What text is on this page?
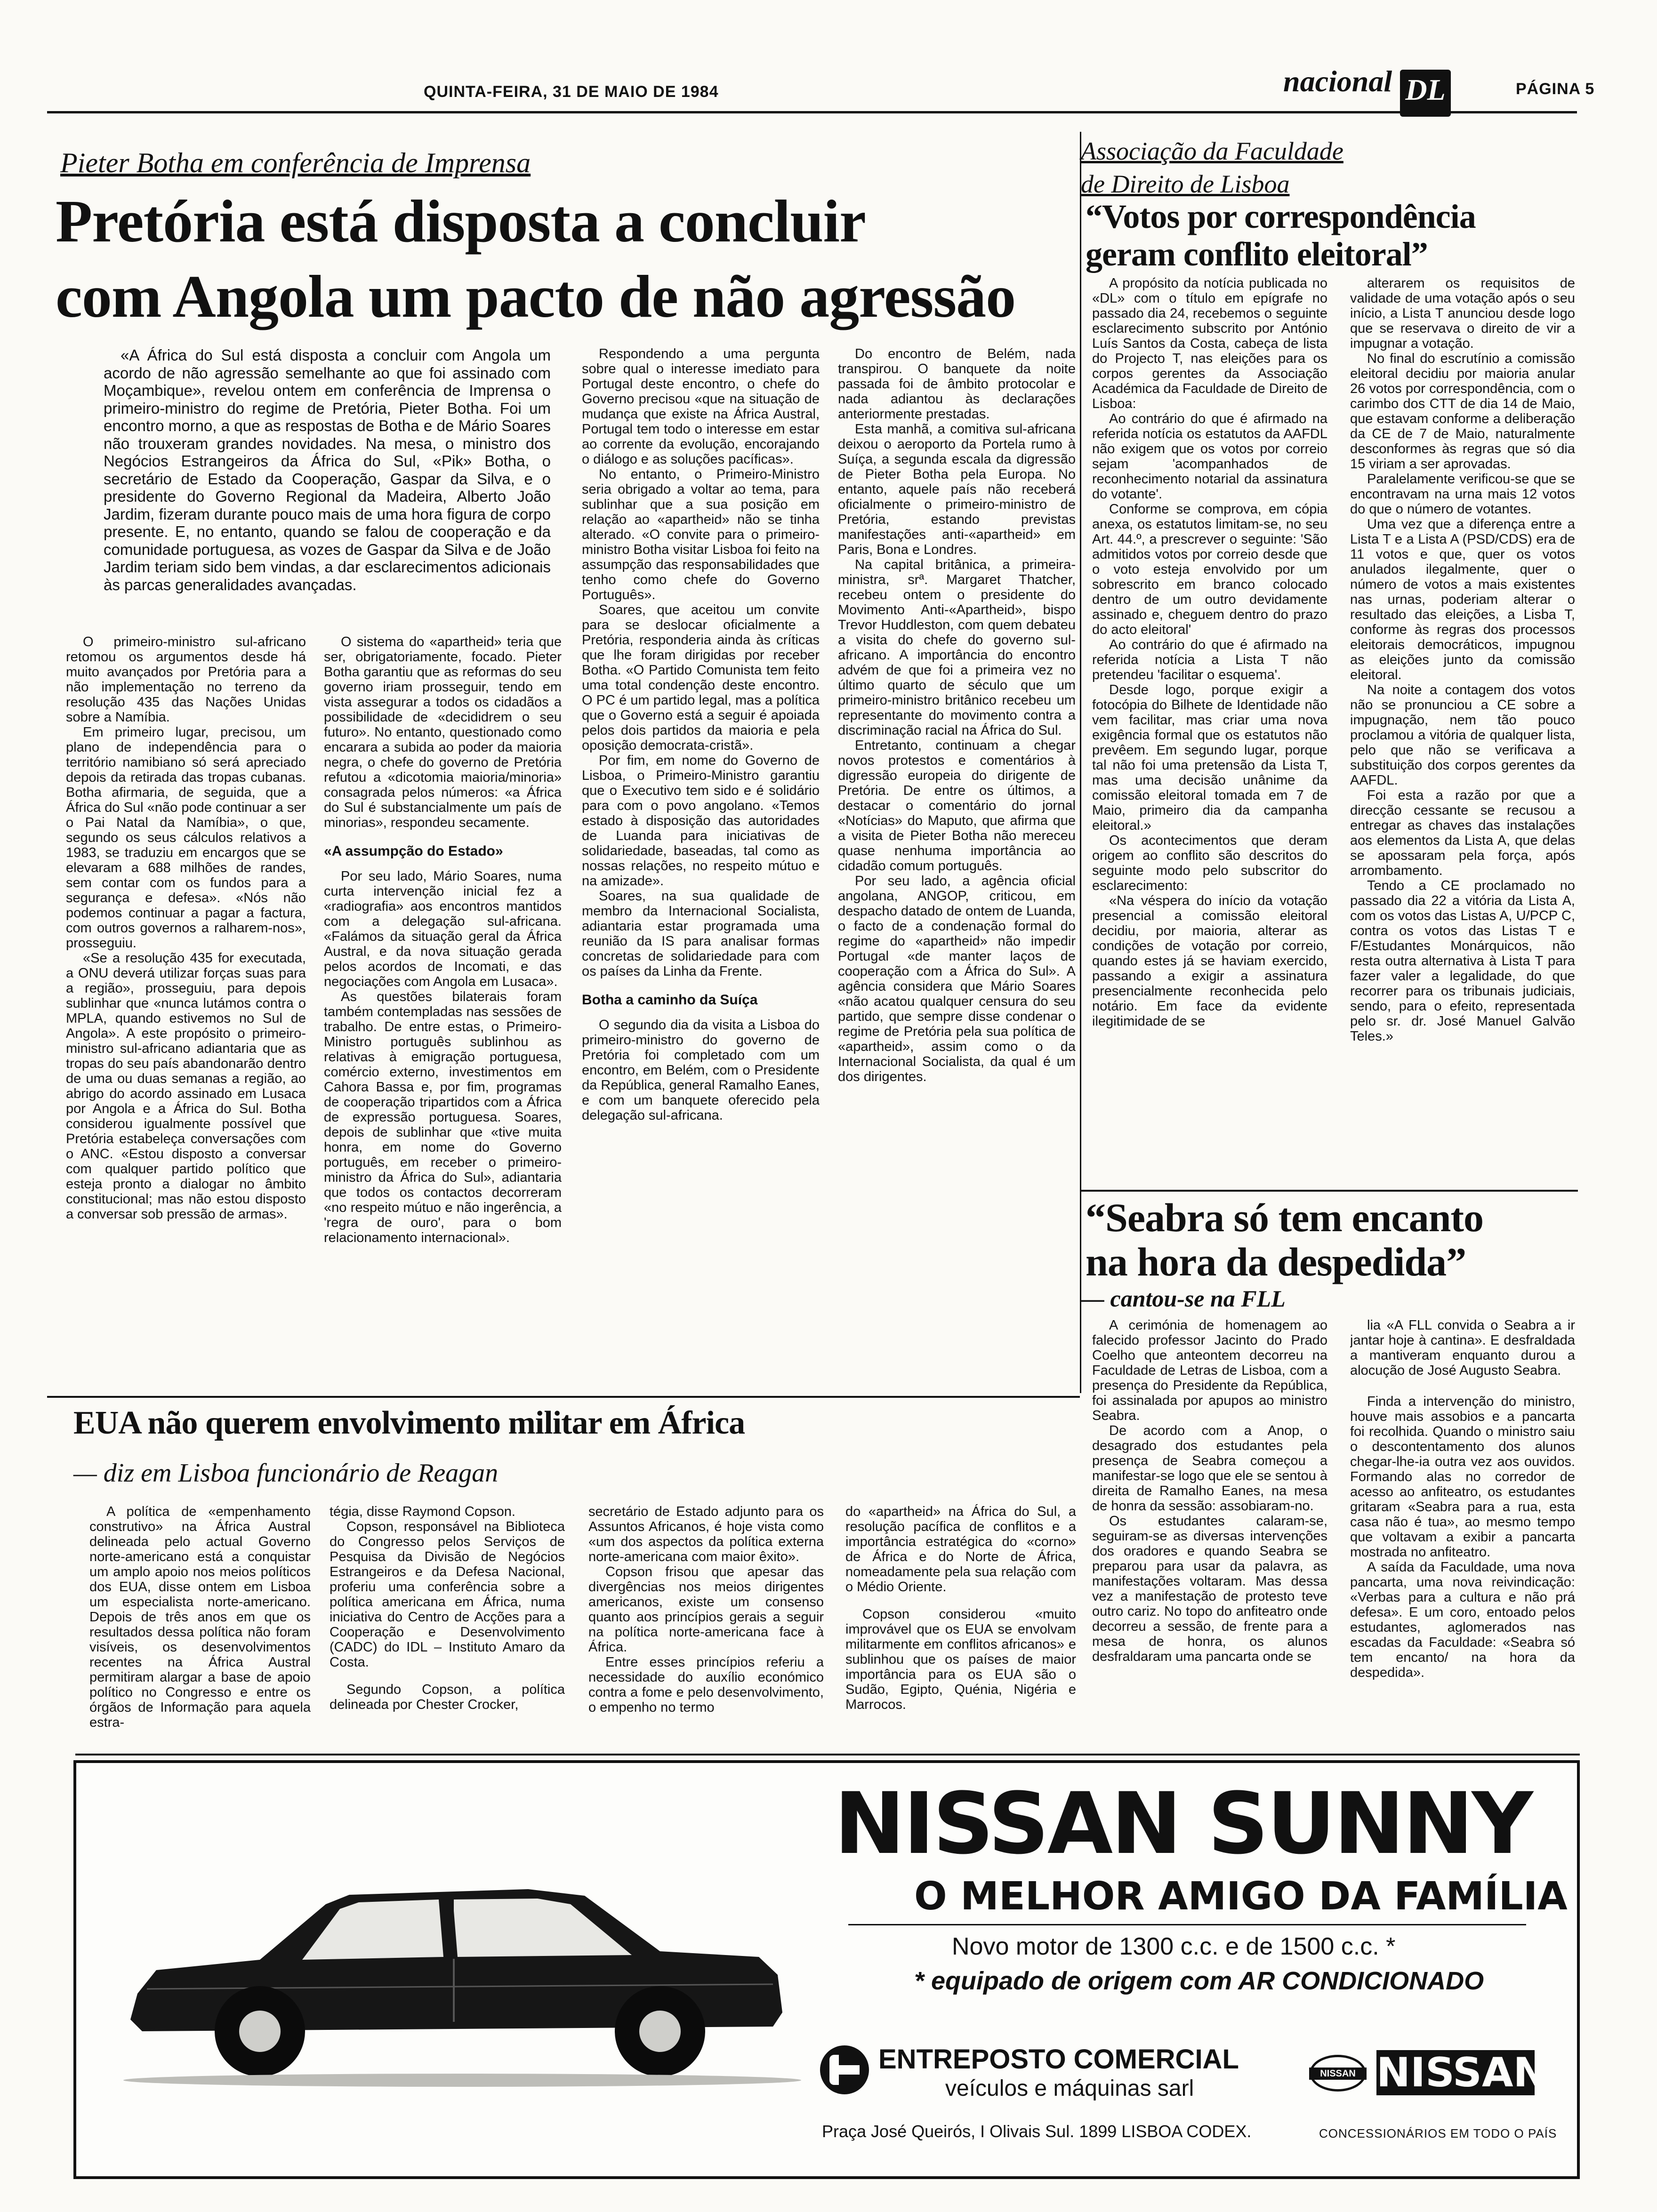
QUINTA-FEIRA, 31 DE MAIO DE 1984	nacional DL	PÁGINA 5
Pieter Botha em conferência de Imprensa
Pretória está disposta a concluir
com Angola um pacto de não agressão

«A África do Sul está disposta a concluir com Angola um acordo de não agressão semelhante ao que foi assinado com Moçambique», revelou ontem em conferência de Imprensa o primeiro-ministro do regime de Pretória, Pieter Botha. Foi um encontro morno, a que as respostas de Botha e de Mário Soares não trouxeram grandes novidades. Na mesa, o ministro dos Negócios Estrangeiros da África do Sul, «Pik» Botha, o secretário de Estado da Cooperação, Gaspar da Silva, e o presidente do Governo Regional da Madeira, Alberto João Jardim, fizeram durante pouco mais de uma hora figura de corpo presente. E, no entanto, quando se falou de cooperação e da comunidade portuguesa, as vozes de Gaspar da Silva e de João Jardim teriam sido bem vindas, a dar esclarecimentos adicionais às parcas generalidades avançadas.

O primeiro-ministro sul-africano retomou os argumentos desde há muito avançados por Pretória para a não implementação no terreno da resolução 435 das Nações Unidas sobre a Namíbia.

Em primeiro lugar, precisou, um plano de independência para o território namibiano só será apreciado depois da retirada das tropas cubanas. Botha afirmaria, de seguida, que a África do Sul «não pode continuar a ser o Pai Natal da Namíbia», o que, segundo os seus cálculos relativos a 1983, se traduziu em encargos que se elevaram a 688 milhões de randes, sem contar com os fundos para a segurança e defesa». «Nós não podemos continuar a pagar a factura, com outros governos a ralharem-nos», prosseguiu.

«Se a resolução 435 for executada, a ONU deverá utilizar forças suas para a região», prosseguiu, para depois sublinhar que «nunca lutámos contra o MPLA, quando estivemos no Sul de Angola». A este propósito o primeiro-ministro sul-africano adiantaria que as tropas do seu país abandonarão dentro de uma ou duas semanas a região, ao abrigo do acordo assinado em Lusaca por Angola e a África do Sul. Botha considerou igualmente possível que Pretória estabeleça conversações com o ANC. «Estou disposto a conversar com qualquer partido político que esteja pronto a dialogar no âmbito constitucional; mas não estou disposto a conversar sob pressão de armas».

O sistema do «apartheid» teria que ser, obrigatoriamente, focado. Pieter Botha garantiu que as reformas do seu governo iriam prosseguir, tendo em vista assegurar a todos os cidadãos a possibilidade de «decididrem o seu futuro». No entanto, questionado como encarara a subida ao poder da maioria negra, o chefe do governo de Pretória refutou a «dicotomia maioria/minoria» consagrada pelos números: «a África do Sul é substancialmente um país de minorias», respondeu secamente.

«A assumpção do Estado»

Por seu lado, Mário Soares, numa curta intervenção inicial fez a «radiografia» aos encontros mantidos com a delegação sul-africana. «Falámos da situação geral da África Austral, e da nova situação gerada pelos acordos de Incomati, e das negociações com Angola em Lusaca».

As questões bilaterais foram também contempladas nas sessões de trabalho. De entre estas, o Primeiro-Ministro português sublinhou as relativas à emigração portuguesa, comércio externo, investimentos em Cahora Bassa e, por fim, programas de cooperação tripartidos com a África de expressão portuguesa. Soares, depois de sublinhar que «tive muita honra, em nome do Governo português, em receber o primeiro-ministro da África do Sul», adiantaria que todos os contactos decorreram «no respeito mútuo e não ingerência, a 'regra de ouro', para o bom relacionamento internacional».

Respondendo a uma pergunta sobre qual o interesse imediato para Portugal deste encontro, o chefe do Governo precisou «que na situação de mudança que existe na África Austral, Portugal tem todo o interesse em estar ao corrente da evolução, encorajando o diálogo e as soluções pacíficas».

No entanto, o Primeiro-Ministro seria obrigado a voltar ao tema, para sublinhar que a sua posição em relação ao «apartheid» não se tinha alterado. «O convite para o primeiro-ministro Botha visitar Lisboa foi feito na assumpção das responsabilidades que tenho como chefe do Governo Português».

Soares, que aceitou um convite para se deslocar oficialmente a Pretória, responderia ainda às críticas que lhe foram dirigidas por receber Botha. «O Partido Comunista tem feito uma total condenção deste encontro. O PC é um partido legal, mas a política que o Governo está a seguir é apoiada pelos dois partidos da maioria e pela oposição democrata-cristã».

Por fim, em nome do Governo de Lisboa, o Primeiro-Ministro garantiu que o Executivo tem sido e é solidário para com o povo angolano. «Temos estado à disposição das autoridades de Luanda para iniciativas de solidariedade, baseadas, tal como as nossas relações, no respeito mútuo e na amizade».

Soares, na sua qualidade de membro da Internacional Socialista, adiantaria estar programada uma reunião da IS para analisar formas concretas de solidariedade para com os países da Linha da Frente.

Botha a caminho da Suíça

O segundo dia da visita a Lisboa do primeiro-ministro do governo de Pretória foi completado com um encontro, em Belém, com o Presidente da República, general Ramalho Eanes, e com um banquete oferecido pela delegação sul-africana.

Do encontro de Belém, nada transpirou. O banquete da noite passada foi de âmbito protocolar e nada adiantou às declarações anteriormente prestadas.

Esta manhã, a comitiva sul-africana deixou o aeroporto da Portela rumo à Suíça, a segunda escala da digressão de Pieter Botha pela Europa. No entanto, aquele país não receberá oficialmente o primeiro-ministro de Pretória, estando previstas manifestações anti-«apartheid» em Paris, Bona e Londres.

Na capital britânica, a primeira-ministra, srª. Margaret Thatcher, recebeu ontem o presidente do Movimento Anti-«Apartheid», bispo Trevor Huddleston, com quem debateu a visita do chefe do governo sul-africano. A importância do encontro advém de que foi a primeira vez no último quarto de século que um primeiro-ministro britânico recebeu um representante do movimento contra a discriminação racial na África do Sul.

Entretanto, continuam a chegar novos protestos e comentários à digressão europeia do dirigente de Pretória. De entre os últimos, a destacar o comentário do jornal «Notícias» do Maputo, que afirma que a visita de Pieter Botha não mereceu quase nenhuma importância ao cidadão comum português.

Por seu lado, a agência oficial angolana, ANGOP, criticou, em despacho datado de ontem de Luanda, o facto de a condenação formal do regime do «apartheid» não impedir Portugal «de manter laços de cooperação com a África do Sul». A agência considera que Mário Soares «não acatou qualquer censura do seu partido, que sempre disse condenar o regime de Pretória pela sua política de «apartheid», assim como o da Internacional Socialista, da qual é um dos dirigentes.

Associação da Faculdade
de Direito de Lisboa
“Votos por correspondência
geram conflito eleitoral”

A propósito da notícia publicada no «DL» com o título em epígrafe no passado dia 24, recebemos o seguinte esclarecimento subscrito por António Luís Santos da Costa, cabeça de lista do Projecto T, nas eleições para os corpos gerentes da Associação Académica da Faculdade de Direito de Lisboa:

Ao contrário do que é afirmado na referida notícia os estatutos da AAFDL não exigem que os votos por correio sejam 'acompanhados de reconhecimento notarial da assinatura do votante'.

Conforme se comprova, em cópia anexa, os estatutos limitam-se, no seu Art. 44.º, a prescrever o seguinte: 'São admitidos votos por correio desde que o voto esteja envolvido por um sobrescrito em branco colocado dentro de um outro devidamente assinado e, cheguem dentro do prazo do acto eleitoral'

Ao contrário do que é afirmado na referida notícia a Lista T não pretendeu 'facilitar o esquema'.

Desde logo, porque exigir a fotocópia do Bilhete de Identidade não vem facilitar, mas criar uma nova exigência formal que os estatutos não prevêem. Em segundo lugar, porque tal não foi uma pretensão da Lista T, mas uma decisão unânime da comissão eleitoral tomada em 7 de Maio, primeiro dia da campanha eleitoral.»

Os acontecimentos que deram origem ao conflito são descritos do seguinte modo pelo subscritor do esclarecimento:

«Na véspera do início da votação presencial a comissão eleitoral decidiu, por maioria, alterar as condições de votação por correio, quando estes já se haviam exercido, passando a exigir a assinatura presencialmente reconhecida pelo notário. Em face da evidente ilegitimidade de se

alterarem os requisitos de validade de uma votação após o seu início, a Lista T anunciou desde logo que se reservava o direito de vir a impugnar a votação.

No final do escrutínio a comissão eleitoral decidiu por maioria anular 26 votos por correspondência, com o carimbo dos CTT de dia 14 de Maio, que estavam conforme a deliberação da CE de 7 de Maio, naturalmente desconformes às regras que só dia 15 viriam a ser aprovadas.

Paralelamente verificou-se que se encontravam na urna mais 12 votos do que o número de votantes.

Uma vez que a diferença entre a Lista T e a Lista A (PSD/CDS) era de 11 votos e que, quer os votos anulados ilegalmente, quer o número de votos a mais existentes nas urnas, poderiam alterar o resultado das eleições, a Lisba T, conforme às regras dos processos eleitorais democráticos, impugnou as eleições junto da comissão eleitoral.

Na noite a contagem dos votos não se pronunciou a CE sobre a impugnação, nem tão pouco proclamou a vitória de qualquer lista, pelo que não se verificava a substituição dos corpos gerentes da AAFDL.

Foi esta a razão por que a direcção cessante se recusou a entregar as chaves das instalações aos elementos da Lista A, que delas se apossaram pela força, após arrombamento.

Tendo a CE proclamado no passado dia 22 a vitória da Lista A, com os votos das Listas A, U/PCP C, contra os votos das Listas T e F/Estudantes Monárquicos, não resta outra alternativa à Lista T para fazer valer a legalidade, do que recorrer para os tribunais judiciais, sendo, para o efeito, representada pelo sr. dr. José Manuel Galvão Teles.»

“Seabra só tem encanto
na hora da despedida”
— cantou-se na FLL

A cerimónia de homenagem ao falecido professor Jacinto do Prado Coelho que anteontem decorreu na Faculdade de Letras de Lisboa, com a presença do Presidente da República, foi assinalada por apupos ao ministro Seabra.

De acordo com a Anop, o desagrado dos estudantes pela presença de Seabra começou a manifestar-se logo que ele se sentou à direita de Ramalho Eanes, na mesa de honra da sessão: assobiaram-no.

Os estudantes calaram-se, seguiram-se as diversas intervenções dos oradores e quando Seabra se preparou para usar da palavra, as manifestações voltaram. Mas dessa vez a manifestação de protesto teve outro cariz. No topo do anfiteatro onde decorreu a sessão, de frente para a mesa de honra, os alunos desfraldaram uma pancarta onde se

lia «A FLL convida o Seabra a ir jantar hoje à cantina». E desfraldada a mantiveram enquanto durou a alocução de José Augusto Seabra.

Finda a intervenção do ministro, houve mais assobios e a pancarta foi recolhida. Quando o ministro saiu o descontentamento dos alunos chegar-lhe-ia outra vez aos ouvidos. Formando alas no corredor de acesso ao anfiteatro, os estudantes gritaram «Seabra para a rua, esta casa não é tua», ao mesmo tempo que voltavam a exibir a pancarta mostrada no anfiteatro.

A saída da Faculdade, uma nova pancarta, uma nova reivindicação: «Verbas para a cultura e não prá defesa». E um coro, entoado pelos estudantes, aglomerados nas escadas da Faculdade: «Seabra só tem encanto/ na hora da despedida».

EUA não querem envolvimento militar em África
— diz em Lisboa funcionário de Reagan

A política de «empenhamento construtivo» na África Austral delineada pelo actual Governo norte-americano está a conquistar um amplo apoio nos meios políticos dos EUA, disse ontem em Lisboa um especialista norte-americano. Depois de três anos em que os resultados dessa política não foram visíveis, os desenvolvimentos recentes na África Austral permitiram alargar a base de apoio político no Congresso e entre os órgãos de Informação para aquela estra-

tégia, disse Raymond Copson.

Copson, responsável na Biblioteca do Congresso pelos Serviços de Pesquisa da Divisão de Negócios Estrangeiros e da Defesa Nacional, proferiu uma conferência sobre a política americana em África, numa iniciativa do Centro de Acções para a Cooperação e Desenvolvimento (CADC) do IDL – Instituto Amaro da Costa.

Segundo Copson, a política delineada por Chester Crocker,

secretário de Estado adjunto para os Assuntos Africanos, é hoje vista como «um dos aspectos da política externa norte-americana com maior êxito».

Copson frisou que apesar das divergências nos meios dirigentes americanos, existe um consenso quanto aos princípios gerais a seguir na política norte-americana face à África.

Entre esses princípios referiu a necessidade do auxílio económico contra a fome e pelo desenvolvimento, o empenho no termo

do «apartheid» na África do Sul, a resolução pacífica de conflitos e a importância estratégica do «corno» de África e do Norte de África, nomeadamente pela sua relação com o Médio Oriente.

Copson considerou «muito improvável que os EUA se envolvam militarmente em conflitos africanos» e sublinhou que os países de maior importância para os EUA são o Sudão, Egipto, Quénia, Nigéria e Marrocos.

NISSAN SUNNY
O MELHOR AMIGO DA FAMÍLIA
Novo motor de 1300 c.c. e de 1500 c.c. *
* equipado de origem com AR CONDICIONADO
ENTREPOSTO COMERCIAL
veículos e máquinas sarl
Praça José Queirós, I Olivais Sul. 1899 LISBOA CODEX.
NISSAN NISSAN
CONCESSIONÁRIOS EM TODO O PAÍS
